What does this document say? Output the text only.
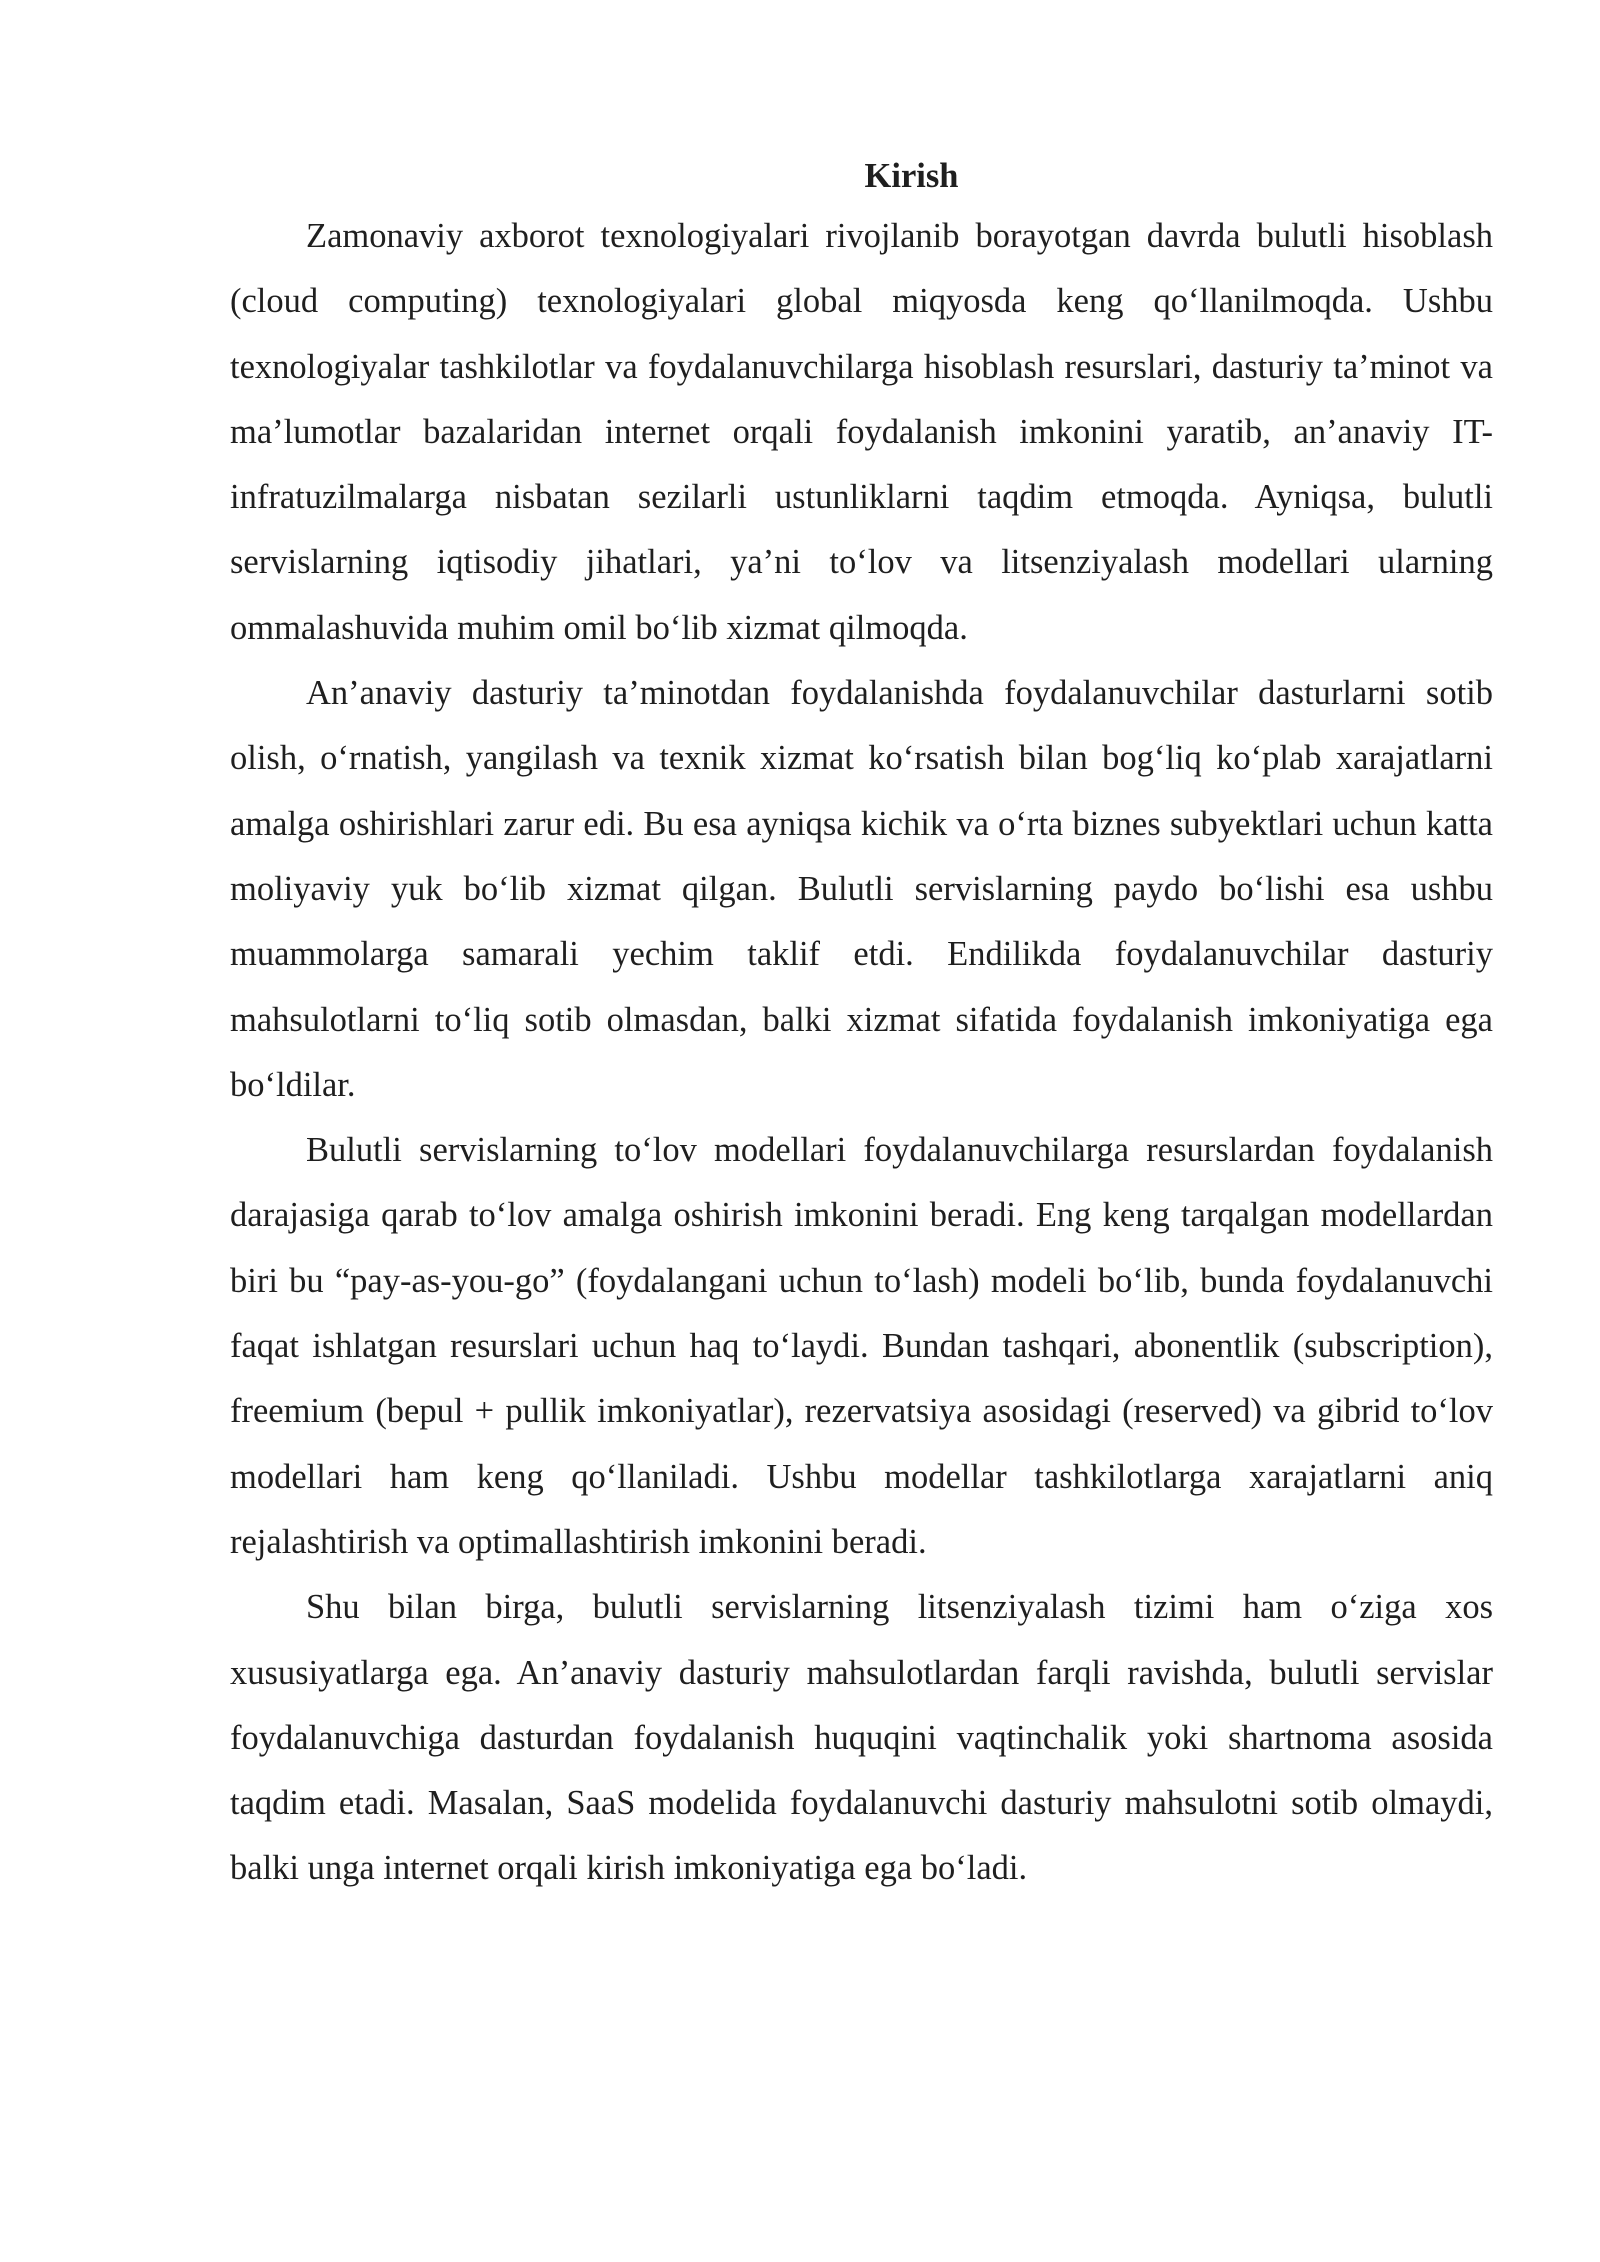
Kirish

Zamonaviy axborot texnologiyalari rivojlanib borayotgan davrda bulutli hisoblash (cloud computing) texnologiyalari global miqyosda keng qo‘llanilmoqda. Ushbu texnologiyalar tashkilotlar va foydalanuvchilarga hisoblash resurslari, dasturiy ta’minot va ma’lumotlar bazalaridan internet orqali foydalanish imkonini yaratib, an’anaviy IT-infratuzilmalarga nisbatan sezilarli ustunliklarni taqdim etmoqda. Ayniqsa, bulutli servislarning iqtisodiy jihatlari, ya’ni to‘lov va litsenziyalash modellari ularning ommalashuvida muhim omil bo‘lib xizmat qilmoqda.

An’anaviy dasturiy ta’minotdan foydalanishda foydalanuvchilar dasturlarni sotib olish, o‘rnatish, yangilash va texnik xizmat ko‘rsatish bilan bog‘liq ko‘plab xarajatlarni amalga oshirishlari zarur edi. Bu esa ayniqsa kichik va o‘rta biznes subyektlari uchun katta moliyaviy yuk bo‘lib xizmat qilgan. Bulutli servislarning paydo bo‘lishi esa ushbu muammolarga samarali yechim taklif etdi. Endilikda foydalanuvchilar dasturiy mahsulotlarni to‘liq sotib olmasdan, balki xizmat sifatida foydalanish imkoniyatiga ega bo‘ldilar.

Bulutli servislarning to‘lov modellari foydalanuvchilarga resurslardan foydalanish darajasiga qarab to‘lov amalga oshirish imkonini beradi. Eng keng tarqalgan modellardan biri bu “pay-as-you-go” (foydalangani uchun to‘lash) modeli bo‘lib, bunda foydalanuvchi faqat ishlatgan resurslari uchun haq to‘laydi. Bundan tashqari, abonentlik (subscription), freemium (bepul + pullik imkoniyatlar), rezervatsiya asosidagi (reserved) va gibrid to‘lov modellari ham keng qo‘llaniladi. Ushbu modellar tashkilotlarga xarajatlarni aniq rejalashtirish va optimallashtirish imkonini beradi.

Shu bilan birga, bulutli servislarning litsenziyalash tizimi ham o‘ziga xos xususiyatlarga ega. An’anaviy dasturiy mahsulotlardan farqli ravishda, bulutli servislar foydalanuvchiga dasturdan foydalanish huquqini vaqtinchalik yoki shartnoma asosida taqdim etadi. Masalan, SaaS modelida foydalanuvchi dasturiy mahsulotni sotib olmaydi, balki unga internet orqali kirish imkoniyatiga ega bo‘ladi.
